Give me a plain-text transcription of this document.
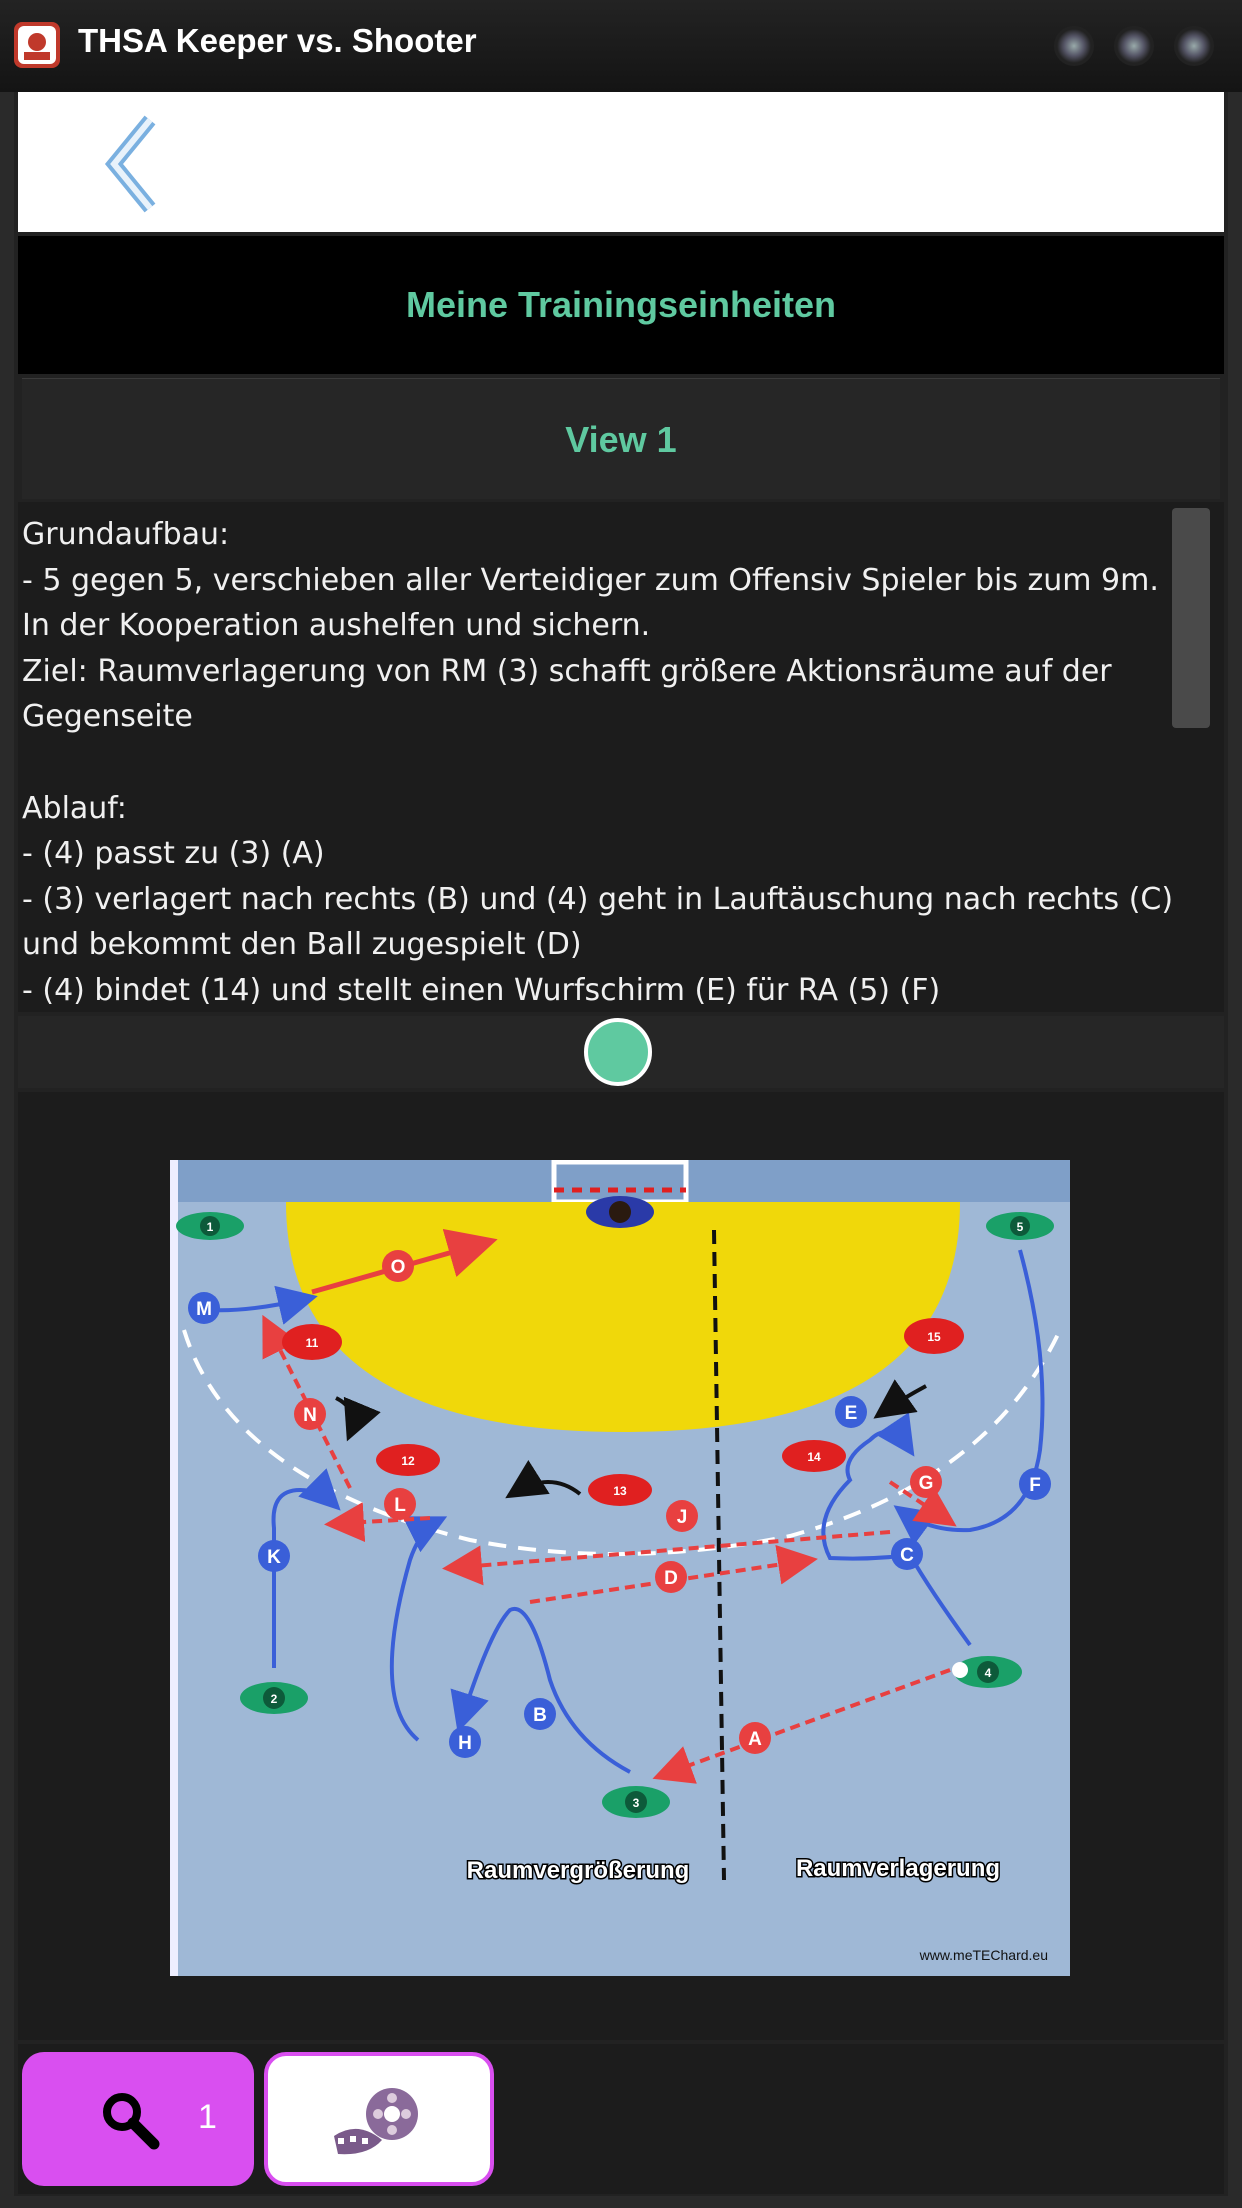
THSA Keeper vs. Shooter
Meine Trainingseinheiten
View 1
Grundaufbau:
- 5 gegen 5, verschieben aller Verteidiger zum Offensiv Spieler bis zum 9m.
In der Kooperation aushelfen und sichern.
Ziel: Raumverlagerung von RM (3) schafft größere Aktionsräume auf der
Gegenseite

Ablauf:
- (4) passt zu (3) (A)
- (3) verlagert nach rechts (B) und (4) geht in Lauftäuschung nach rechts (C)
und bekommt den Ball zugespielt (D)
- (4) bindet (14) und stellt einen Wurfschirm (E) für RA (5) (F)
1
2
3
4
5
11
12
13
14
15
A
B
C
D
E
F
G
H
J
K
L
M
N
O
Raumvergrößerung	Raumverlagerung
www.meTEChard.eu
1
